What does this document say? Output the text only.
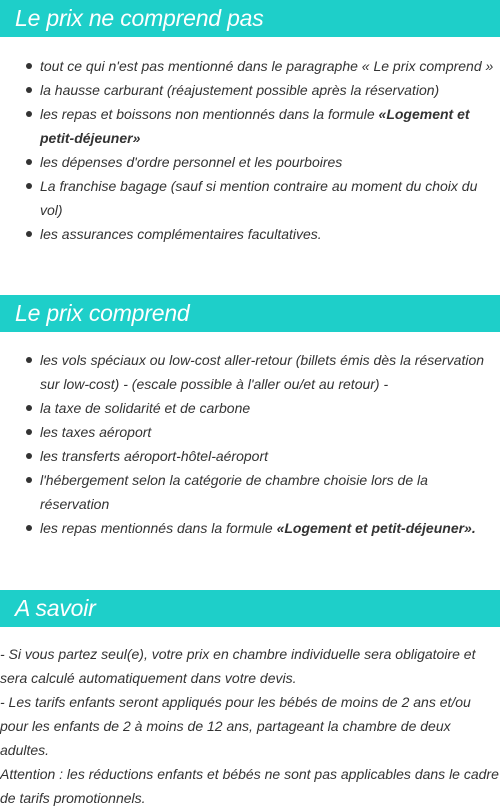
Le prix ne comprend pas
tout ce qui n'est pas mentionné dans le paragraphe « Le prix comprend »
la hausse carburant (réajustement possible après la réservation)
les repas et boissons non mentionnés dans la formule «Logement et petit-déjeuner»
les dépenses d'ordre personnel et les pourboires
La franchise bagage (sauf si mention contraire au moment du choix du vol)
les assurances complémentaires facultatives.
Le prix comprend
les vols spéciaux ou low-cost aller-retour (billets émis dès la réservation sur low-cost) - (escale possible à l'aller ou/et au retour) -
la taxe de solidarité et de carbone
les taxes aéroport
les transferts aéroport-hôtel-aéroport
l'hébergement selon la catégorie de chambre choisie lors de la réservation
les repas mentionnés dans la formule «Logement et petit-déjeuner».
A savoir

- Si vous partez seul(e), votre prix en chambre individuelle sera obligatoire et sera calculé automatiquement dans votre devis.

- Les tarifs enfants seront appliqués pour les bébés de moins de 2 ans et/ou pour les enfants de 2 à moins de 12 ans, partageant la chambre de deux adultes.

Attention : les réductions enfants et bébés ne sont pas applicables dans le cadre de tarifs promotionnels.
